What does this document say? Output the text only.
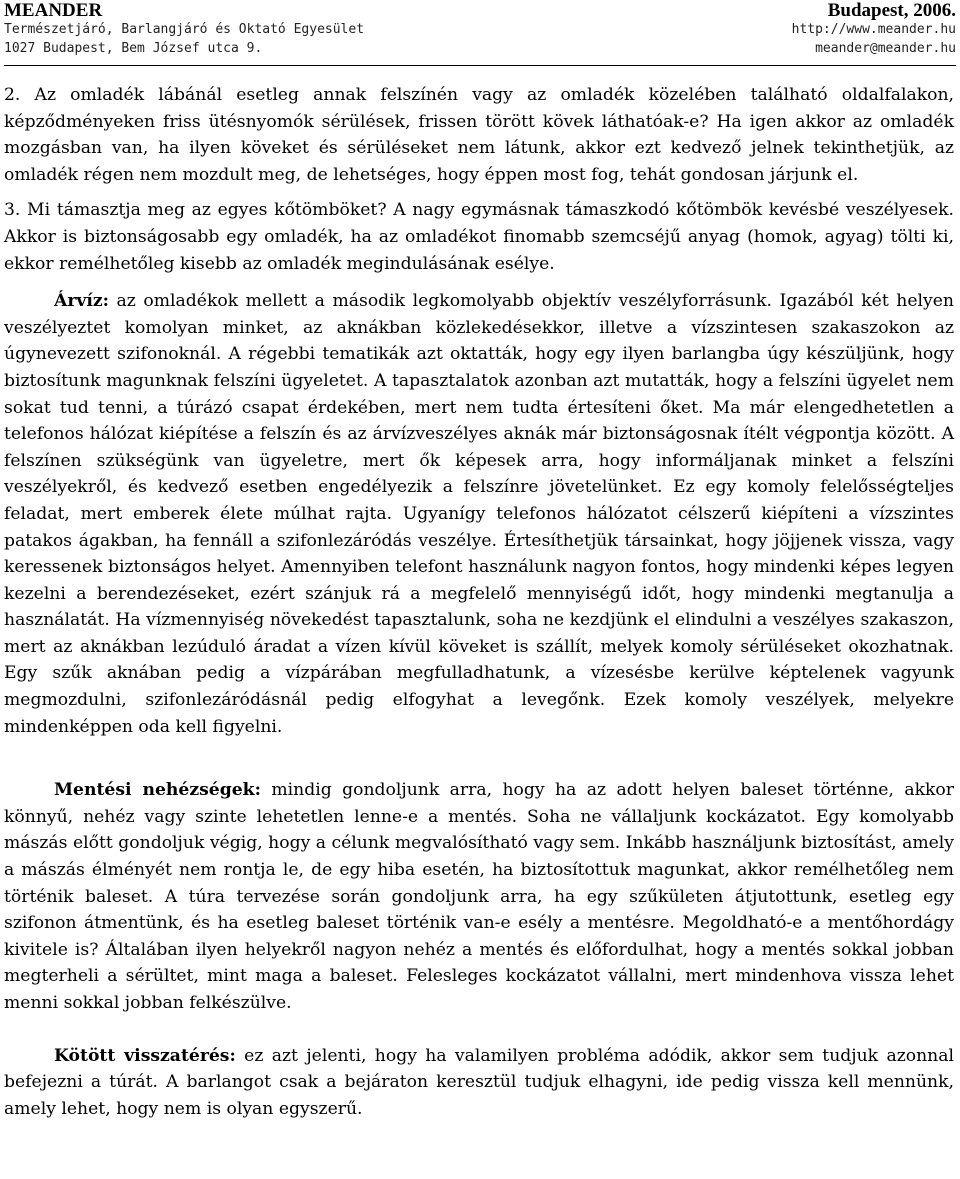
MEANDER	Budapest, 2006.
Természetjáró, Barlangjáró és Oktató Egyesület	http://www.meander.hu
1027 Budapest, Bem József utca 9.	meander@meander.hu

2. Az omladék lábánál esetleg annak felszínén vagy az omladék közelében található oldalfalakon, képződményeken friss ütésnyomók sérülések, frissen törött kövek láthatóak-e? Ha igen akkor az omladék mozgásban van, ha ilyen köveket és sérüléseket nem látunk, akkor ezt kedvező jelnek tekinthetjük, az omladék régen nem mozdult meg, de lehetséges, hogy éppen most fog, tehát gondosan járjunk el.

3. Mi támasztja meg az egyes kőtömböket? A nagy egymásnak támaszkodó kőtömbök kevésbé veszélyesek. Akkor is biztonságosabb egy omladék, ha az omladékot finomabb szemcséjű anyag (homok, agyag) tölti ki, ekkor remélhetőleg kisebb az omladék megindulásának esélye.

Árvíz: az omladékok mellett a második legkomolyabb objektív veszélyforrásunk. Igazából két helyen veszélyeztet komolyan minket, az aknákban közlekedésekkor, illetve a vízszintesen szakaszokon az úgynevezett szifonoknál. A régebbi tematikák azt oktatták, hogy egy ilyen barlangba úgy készüljünk, hogy biztosítunk magunknak felszíni ügyeletet. A tapasztalatok azonban azt mutatták, hogy a felszíni ügyelet nem sokat tud tenni, a túrázó csapat érdekében, mert nem tudta értesíteni őket. Ma már elengedhetetlen a telefonos hálózat kiépítése a felszín és az árvízveszélyes aknák már biztonságosnak ítélt végpontja között. A felszínen szükségünk van ügyeletre, mert ők képesek arra, hogy informáljanak minket a felszíni veszélyekről, és kedvező esetben engedélyezik a felszínre jövetelünket. Ez egy komoly felelősségteljes feladat, mert emberek élete múlhat rajta. Ugyanígy telefonos hálózatot célszerű kiépíteni a vízszintes patakos ágakban, ha fennáll a szifonlezáródás veszélye. Értesíthetjük társainkat, hogy jöjjenek vissza, vagy keressenek biztonságos helyet. Amennyiben telefont használunk nagyon fontos, hogy mindenki képes legyen kezelni a berendezéseket, ezért szánjuk rá a megfelelő mennyiségű időt, hogy mindenki megtanulja a használatát. Ha vízmennyiség növekedést tapasztalunk, soha ne kezdjünk el elindulni a veszélyes szakaszon, mert az aknákban lezúduló áradat a vízen kívül köveket is szállít, melyek komoly sérüléseket okozhatnak. Egy szűk aknában pedig a vízpárában megfulladhatunk, a vízesésbe kerülve képtelenek vagyunk megmozdulni, szifonlezáródásnál pedig elfogyhat a levegőnk. Ezek komoly veszélyek, melyekre mindenképpen oda kell figyelni.

Mentési nehézségek: mindig gondoljunk arra, hogy ha az adott helyen baleset történne, akkor könnyű, nehéz vagy szinte lehetetlen lenne-e a mentés. Soha ne vállaljunk kockázatot. Egy komolyabb mászás előtt gondoljuk végig, hogy a célunk megvalósítható vagy sem. Inkább használjunk biztosítást, amely a mászás élményét nem rontja le, de egy hiba esetén, ha biztosítottuk magunkat, akkor remélhetőleg nem történik baleset. A túra tervezése során gondoljunk arra, ha egy szűkületen átjutottunk, esetleg egy szifonon átmentünk, és ha esetleg baleset történik van-e esély a mentésre. Megoldható-e a mentőhordágy kivitele is? Általában ilyen helyekről nagyon nehéz a mentés és előfordulhat, hogy a mentés sokkal jobban megterheli a sérültet, mint maga a baleset. Felesleges kockázatot vállalni, mert mindenhova vissza lehet menni sokkal jobban felkészülve.

Kötött visszatérés: ez azt jelenti, hogy ha valamilyen probléma adódik, akkor sem tudjuk azonnal befejezni a túrát. A barlangot csak a bejáraton keresztül tudjuk elhagyni, ide pedig vissza kell mennünk, amely lehet, hogy nem is olyan egyszerű.
